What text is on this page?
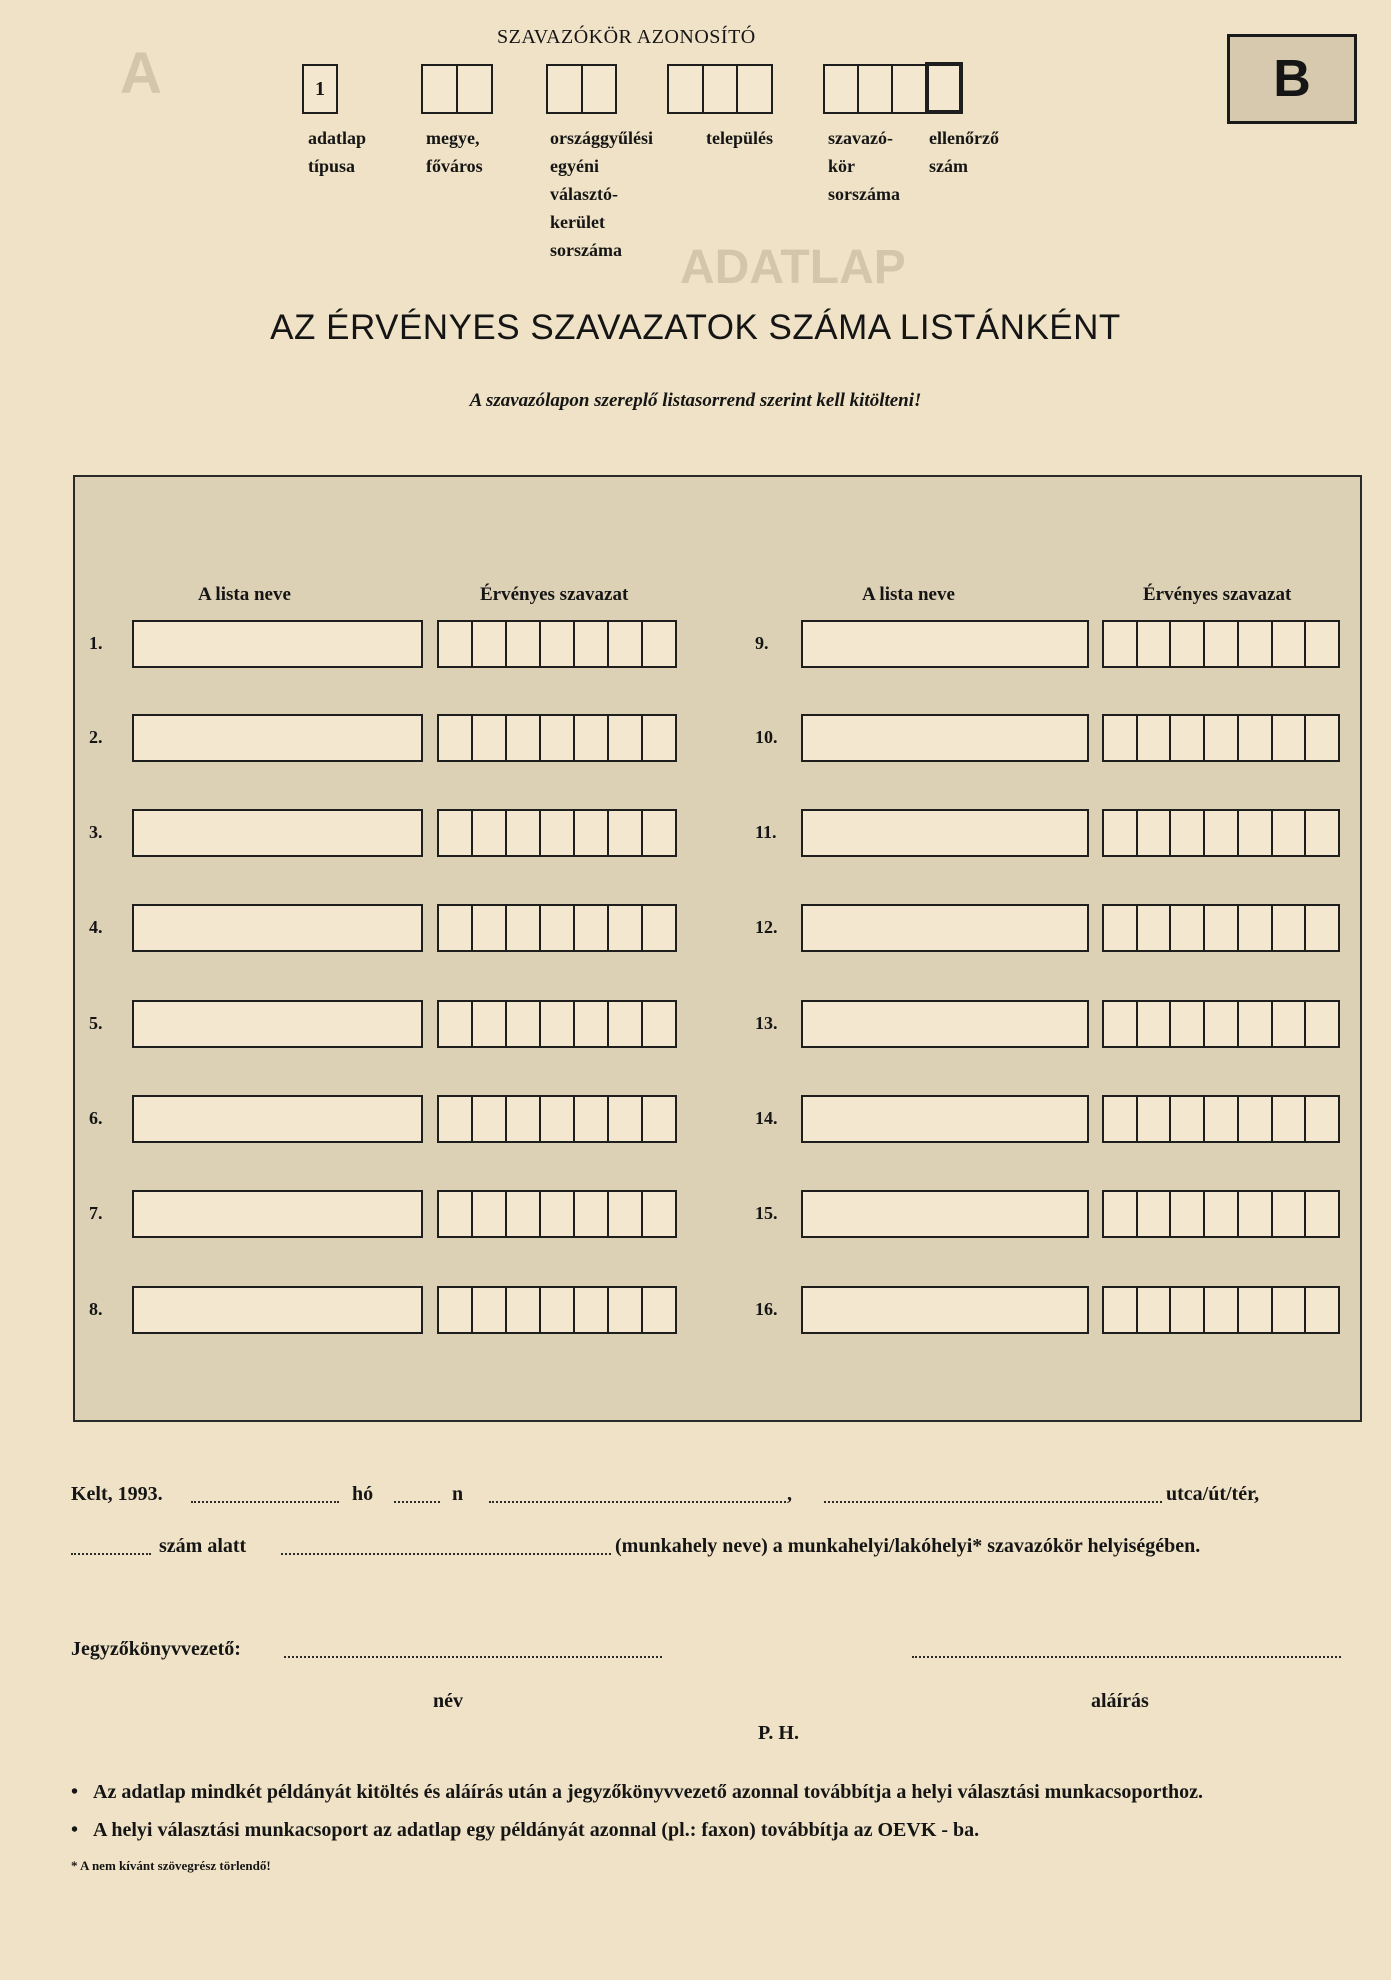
A
ADATLAP
SZAVAZÓKÖR AZONOSÍTÓ
1	B
adatlap típusa
megye, főváros
országgyűlési egyéni választó-kerület sorszáma
település	szavazó-kör sorszáma
ellenőrző szám
AZ ÉRVÉNYES SZAVAZATOK SZÁMA LISTÁNKÉNT
A szavazólapon szereplő listasorrend szerint kell kitölteni!
A lista neve	Érvényes szavazat	A lista neve	Érvényes szavazat
1.	9.
2.	10.
3.	11.
4.	12.
5.	13.
6.	14.
7.	15.
8.	16.
Kelt, 1993.	hó	n	,	utca/út/tér,
szám alatt	(munkahely neve) a munkahelyi/lakóhelyi* szavazókör helyiségében.
Jegyzőkönyvvezető:
név	aláírás
P. H.
•   Az adatlap mindkét példányát kitöltés és aláírás után a jegyzőkönyvvezető azonnal továbbítja a helyi választási munkacsoporthoz.
•   A helyi választási munkacsoport az adatlap egy példányát azonnal (pl.: faxon) továbbítja az OEVK - ba.
* A nem kívánt szövegrész törlendő!
